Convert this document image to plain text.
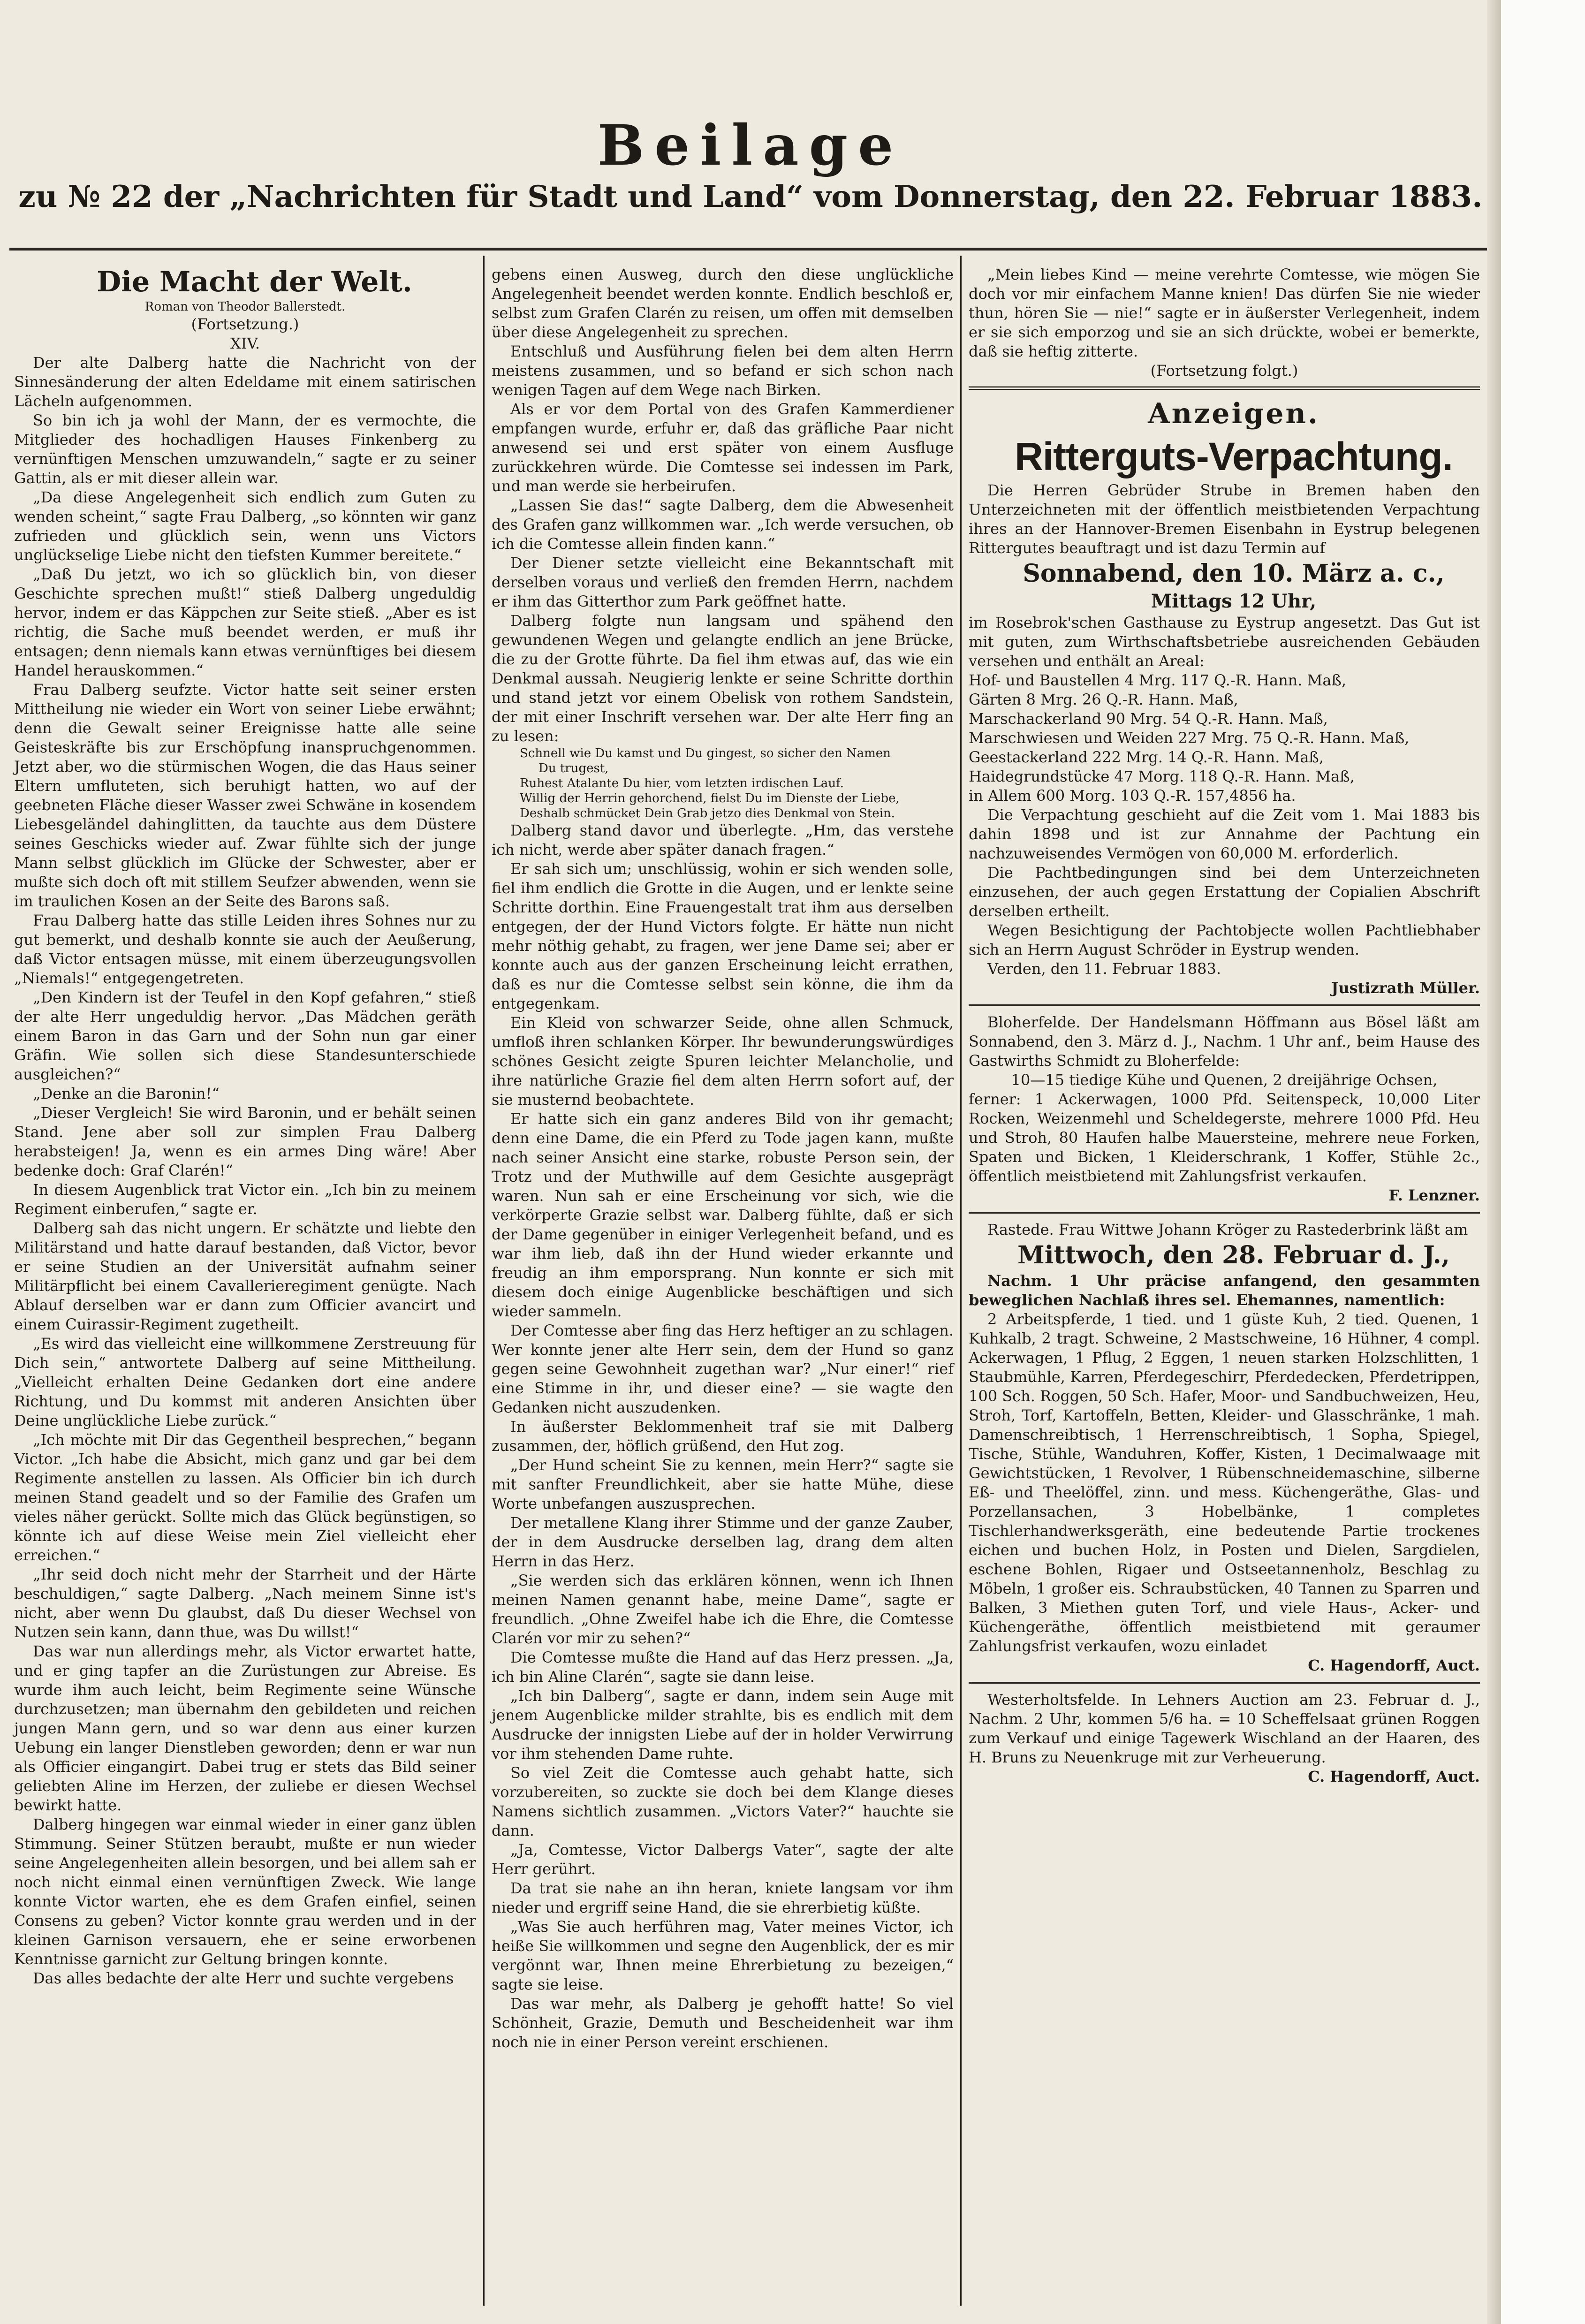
Beilage
zu № 22 der „Nachrichten für Stadt und Land“ vom Donnerstag, den 22. Februar 1883.

Die Macht der Welt.

Roman von Theodor Ballerstedt.

(Fortsetzung.)

XIV.

Der alte Dalberg hatte die Nachricht von der Sinnesänderung der alten Edeldame mit einem satirischen Lächeln aufgenommen.

So bin ich ja wohl der Mann, der es vermochte, die Mitglieder des hochadligen Hauses Finkenberg zu vernünftigen Menschen umzuwandeln,“ sagte er zu seiner Gattin, als er mit dieser allein war.

„Da diese Angelegenheit sich endlich zum Guten zu wenden scheint,“ sagte Frau Dalberg, „so könnten wir ganz zufrieden und glücklich sein, wenn uns Victors unglückselige Liebe nicht den tiefsten Kummer bereitete.“

„Daß Du jetzt, wo ich so glücklich bin, von dieser Geschichte sprechen mußt!“ stieß Dalberg ungeduldig hervor, indem er das Käppchen zur Seite stieß. „Aber es ist richtig, die Sache muß beendet werden, er muß ihr entsagen; denn niemals kann etwas vernünftiges bei diesem Handel herauskommen.“

Frau Dalberg seufzte. Victor hatte seit seiner ersten Mittheilung nie wieder ein Wort von seiner Liebe erwähnt; denn die Gewalt seiner Ereignisse hatte alle seine Geisteskräfte bis zur Erschöpfung inanspruchgenommen. Jetzt aber, wo die stürmischen Wogen, die das Haus seiner Eltern umfluteten, sich beruhigt hatten, wo auf der geebneten Fläche dieser Wasser zwei Schwäne in kosendem Liebesgeländel dahinglitten, da tauchte aus dem Düstere seines Geschicks wieder auf. Zwar fühlte sich der junge Mann selbst glücklich im Glücke der Schwester, aber er mußte sich doch oft mit stillem Seufzer abwenden, wenn sie im traulichen Kosen an der Seite des Barons saß.

Frau Dalberg hatte das stille Leiden ihres Sohnes nur zu gut bemerkt, und deshalb konnte sie auch der Aeußerung, daß Victor entsagen müsse, mit einem überzeugungsvollen „Niemals!“ entgegengetreten.

„Den Kindern ist der Teufel in den Kopf gefahren,“ stieß der alte Herr ungeduldig hervor. „Das Mädchen geräth einem Baron in das Garn und der Sohn nun gar einer Gräfin. Wie sollen sich diese Standesunterschiede ausgleichen?“

„Denke an die Baronin!“

„Dieser Vergleich! Sie wird Baronin, und er behält seinen Stand. Jene aber soll zur simplen Frau Dalberg herabsteigen! Ja, wenn es ein armes Ding wäre! Aber bedenke doch: Graf Clarén!“

In diesem Augenblick trat Victor ein. „Ich bin zu meinem Regiment einberufen,“ sagte er.

Dalberg sah das nicht ungern. Er schätzte und liebte den Militärstand und hatte darauf bestanden, daß Victor, bevor er seine Studien an der Universität aufnahm seiner Militärpflicht bei einem Cavallerieregiment genügte. Nach Ablauf derselben war er dann zum Officier avancirt und einem Cuirassir-Regiment zugetheilt.

„Es wird das vielleicht eine willkommene Zerstreuung für Dich sein,“ antwortete Dalberg auf seine Mittheilung. „Vielleicht erhalten Deine Gedanken dort eine andere Richtung, und Du kommst mit anderen Ansichten über Deine unglückliche Liebe zurück.“

„Ich möchte mit Dir das Gegentheil besprechen,“ begann Victor. „Ich habe die Absicht, mich ganz und gar bei dem Regimente anstellen zu lassen. Als Officier bin ich durch meinen Stand geadelt und so der Familie des Grafen um vieles näher gerückt. Sollte mich das Glück begünstigen, so könnte ich auf diese Weise mein Ziel vielleicht eher erreichen.“

„Ihr seid doch nicht mehr der Starrheit und der Härte beschuldigen,“ sagte Dalberg. „Nach meinem Sinne ist's nicht, aber wenn Du glaubst, daß Du dieser Wechsel von Nutzen sein kann, dann thue, was Du willst!“

Das war nun allerdings mehr, als Victor erwartet hatte, und er ging tapfer an die Zurüstungen zur Abreise. Es wurde ihm auch leicht, beim Regimente seine Wünsche durchzusetzen; man übernahm den gebildeten und reichen jungen Mann gern, und so war denn aus einer kurzen Uebung ein langer Dienstleben geworden; denn er war nun als Officier eingangirt. Dabei trug er stets das Bild seiner geliebten Aline im Herzen, der zuliebe er diesen Wechsel bewirkt hatte.

Dalberg hingegen war einmal wieder in einer ganz üblen Stimmung. Seiner Stützen beraubt, mußte er nun wieder seine Angelegenheiten allein besorgen, und bei allem sah er noch nicht einmal einen vernünftigen Zweck. Wie lange konnte Victor warten, ehe es dem Grafen einfiel, seinen Consens zu geben? Victor konnte grau werden und in der kleinen Garnison versauern, ehe er seine erworbenen Kenntnisse garnicht zur Geltung bringen konnte.

Das alles bedachte der alte Herr und suchte vergebens

gebens einen Ausweg, durch den diese unglückliche Angelegenheit beendet werden konnte. Endlich beschloß er, selbst zum Grafen Clarén zu reisen, um offen mit demselben über diese Angelegenheit zu sprechen.

Entschluß und Ausführung fielen bei dem alten Herrn meistens zusammen, und so befand er sich schon nach wenigen Tagen auf dem Wege nach Birken.

Als er vor dem Portal von des Grafen Kammerdiener empfangen wurde, erfuhr er, daß das gräfliche Paar nicht anwesend sei und erst später von einem Ausfluge zurückkehren würde. Die Comtesse sei indessen im Park, und man werde sie herbeirufen.

„Lassen Sie das!“ sagte Dalberg, dem die Abwesenheit des Grafen ganz willkommen war. „Ich werde versuchen, ob ich die Comtesse allein finden kann.“

Der Diener setzte vielleicht eine Bekanntschaft mit derselben voraus und verließ den fremden Herrn, nachdem er ihm das Gitterthor zum Park geöffnet hatte.

Dalberg folgte nun langsam und spähend den gewundenen Wegen und gelangte endlich an jene Brücke, die zu der Grotte führte. Da fiel ihm etwas auf, das wie ein Denkmal aussah. Neugierig lenkte er seine Schritte dorthin und stand jetzt vor einem Obelisk von rothem Sandstein, der mit einer Inschrift versehen war. Der alte Herr fing an zu lesen:

Schnell wie Du kamst und Du gingest, so sicher den Namen

Du trugest,

Ruhest Atalante Du hier, vom letzten irdischen Lauf.

Willig der Herrin gehorchend, fielst Du im Dienste der Liebe,

Deshalb schmücket Dein Grab jetzo dies Denkmal von Stein.

Dalberg stand davor und überlegte. „Hm, das verstehe ich nicht, werde aber später danach fragen.“

Er sah sich um; unschlüssig, wohin er sich wenden solle, fiel ihm endlich die Grotte in die Augen, und er lenkte seine Schritte dorthin. Eine Frauengestalt trat ihm aus derselben entgegen, der der Hund Victors folgte. Er hätte nun nicht mehr nöthig gehabt, zu fragen, wer jene Dame sei; aber er konnte auch aus der ganzen Erscheinung leicht errathen, daß es nur die Comtesse selbst sein könne, die ihm da entgegenkam.

Ein Kleid von schwarzer Seide, ohne allen Schmuck, umfloß ihren schlanken Körper. Ihr bewunderungswürdiges schönes Gesicht zeigte Spuren leichter Melancholie, und ihre natürliche Grazie fiel dem alten Herrn sofort auf, der sie musternd beobachtete.

Er hatte sich ein ganz anderes Bild von ihr gemacht; denn eine Dame, die ein Pferd zu Tode jagen kann, mußte nach seiner Ansicht eine starke, robuste Person sein, der Trotz und der Muthwille auf dem Gesichte ausgeprägt waren. Nun sah er eine Erscheinung vor sich, wie die verkörperte Grazie selbst war. Dalberg fühlte, daß er sich der Dame gegenüber in einiger Verlegenheit befand, und es war ihm lieb, daß ihn der Hund wieder erkannte und freudig an ihm emporsprang. Nun konnte er sich mit diesem doch einige Augenblicke beschäftigen und sich wieder sammeln.

Der Comtesse aber fing das Herz heftiger an zu schlagen. Wer konnte jener alte Herr sein, dem der Hund so ganz gegen seine Gewohnheit zugethan war? „Nur einer!“ rief eine Stimme in ihr, und dieser eine? — sie wagte den Gedanken nicht auszudenken.

In äußerster Beklommenheit traf sie mit Dalberg zusammen, der, höflich grüßend, den Hut zog.

„Der Hund scheint Sie zu kennen, mein Herr?“ sagte sie mit sanfter Freundlichkeit, aber sie hatte Mühe, diese Worte unbefangen auszusprechen.

Der metallene Klang ihrer Stimme und der ganze Zauber, der in dem Ausdrucke derselben lag, drang dem alten Herrn in das Herz.

„Sie werden sich das erklären können, wenn ich Ihnen meinen Namen genannt habe, meine Dame“, sagte er freundlich. „Ohne Zweifel habe ich die Ehre, die Comtesse Clarén vor mir zu sehen?“

Die Comtesse mußte die Hand auf das Herz pressen. „Ja, ich bin Aline Clarén“, sagte sie dann leise.

„Ich bin Dalberg“, sagte er dann, indem sein Auge mit jenem Augenblicke milder strahlte, bis es endlich mit dem Ausdrucke der innigsten Liebe auf der in holder Verwirrung vor ihm stehenden Dame ruhte.

So viel Zeit die Comtesse auch gehabt hatte, sich vorzubereiten, so zuckte sie doch bei dem Klange dieses Namens sichtlich zusammen. „Victors Vater?“ hauchte sie dann.

„Ja, Comtesse, Victor Dalbergs Vater“, sagte der alte Herr gerührt.

Da trat sie nahe an ihn heran, kniete langsam vor ihm nieder und ergriff seine Hand, die sie ehrerbietig küßte.

„Was Sie auch herführen mag, Vater meines Victor, ich heiße Sie willkommen und segne den Augenblick, der es mir vergönnt war, Ihnen meine Ehrerbietung zu bezeigen,“ sagte sie leise.

Das war mehr, als Dalberg je gehofft hatte! So viel Schönheit, Grazie, Demuth und Bescheidenheit war ihm noch nie in einer Person vereint erschienen.

„Mein liebes Kind — meine verehrte Comtesse, wie mögen Sie doch vor mir einfachem Manne knien! Das dürfen Sie nie wieder thun, hören Sie — nie!“ sagte er in äußerster Verlegenheit, indem er sie sich emporzog und sie an sich drückte, wobei er bemerkte, daß sie heftig zitterte.

(Fortsetzung folgt.)

Anzeigen.

Ritterguts-Verpachtung.

Die Herren Gebrüder Strube in Bremen haben den Unterzeichneten mit der öffentlich meistbietenden Verpachtung ihres an der Hannover-Bremen Eisenbahn in Eystrup belegenen Rittergutes beauftragt und ist dazu Termin auf

Sonnabend, den 10. März a. c.,

Mittags 12 Uhr,

im Rosebrok'schen Gasthause zu Eystrup angesetzt. Das Gut ist mit guten, zum Wirthschaftsbetriebe ausreichenden Gebäuden versehen und enthält an Areal:

Hof- und Baustellen 4 Mrg. 117 Q.-R. Hann. Maß,

Gärten 8 Mrg. 26 Q.-R. Hann. Maß,

Marschackerland 90 Mrg. 54 Q.-R. Hann. Maß,

Marschwiesen und Weiden 227 Mrg. 75 Q.-R. Hann. Maß,

Geestackerland 222 Mrg. 14 Q.-R. Hann. Maß,

Haidegrundstücke 47 Morg. 118 Q.-R. Hann. Maß,

in Allem 600 Morg. 103 Q.-R. 157,4856 ha.

Die Verpachtung geschieht auf die Zeit vom 1. Mai 1883 bis dahin 1898 und ist zur Annahme der Pachtung ein nachzuweisendes Vermögen von 60,000 M. erforderlich.

Die Pachtbedingungen sind bei dem Unterzeichneten einzusehen, der auch gegen Erstattung der Copialien Abschrift derselben ertheilt.

Wegen Besichtigung der Pachtobjecte wollen Pachtliebhaber sich an Herrn August Schröder in Eystrup wenden.

Verden, den 11. Februar 1883.

Justizrath Müller.

Bloherfelde. Der Handelsmann Höffmann aus Bösel läßt am Sonnabend, den 3. März d. J., Nachm. 1 Uhr anf., beim Hause des Gastwirths Schmidt zu Bloherfelde:

10—15 tiedige Kühe und Quenen, 2 dreijährige Ochsen,

ferner: 1 Ackerwagen, 1000 Pfd. Seitenspeck, 10,000 Liter Rocken, Weizenmehl und Scheldegerste, mehrere 1000 Pfd. Heu und Stroh, 80 Haufen halbe Mauersteine, mehrere neue Forken, Spaten und Bicken, 1 Kleiderschrank, 1 Koffer, Stühle 2c., öffentlich meistbietend mit Zahlungsfrist verkaufen.

F. Lenzner.

Rastede. Frau Wittwe Johann Kröger zu Rastederbrink läßt am

Mittwoch, den 28. Februar d. J.,

Nachm. 1 Uhr präcise anfangend, den gesammten beweglichen Nachlaß ihres sel. Ehemannes, namentlich:

2 Arbeitspferde, 1 tied. und 1 güste Kuh, 2 tied. Quenen, 1 Kuhkalb, 2 tragt. Schweine, 2 Mastschweine, 16 Hühner, 4 compl. Ackerwagen, 1 Pflug, 2 Eggen, 1 neuen starken Holzschlitten, 1 Staubmühle, Karren, Pferdegeschirr, Pferdedecken, Pferdetrippen, 100 Sch. Roggen, 50 Sch. Hafer, Moor- und Sandbuchweizen, Heu, Stroh, Torf, Kartoffeln, Betten, Kleider- und Glasschränke, 1 mah. Damenschreibtisch, 1 Herrenschreibtisch, 1 Sopha, Spiegel, Tische, Stühle, Wanduhren, Koffer, Kisten, 1 Decimalwaage mit Gewichtstücken, 1 Revolver, 1 Rübenschneidemaschine, silberne Eß- und Theelöffel, zinn. und mess. Küchengeräthe, Glas- und Porzellansachen, 3 Hobelbänke, 1 completes Tischlerhandwerksgeräth, eine bedeutende Partie trockenes eichen und buchen Holz, in Posten und Dielen, Sargdielen, eschene Bohlen, Rigaer und Ostseetannenholz, Beschlag zu Möbeln, 1 großer eis. Schraubstücken, 40 Tannen zu Sparren und Balken, 3 Miethen guten Torf, und viele Haus-, Acker- und Küchengeräthe, öffentlich meistbietend mit geraumer Zahlungsfrist verkaufen, wozu einladet

C. Hagendorff, Auct.

Westerholtsfelde. In Lehners Auction am 23. Februar d. J., Nachm. 2 Uhr, kommen 5/6 ha. = 10 Scheffelsaat grünen Roggen zum Verkauf und einige Tagewerk Wischland an der Haaren, des H. Bruns zu Neuenkruge mit zur Verheuerung.

C. Hagendorff, Auct.
